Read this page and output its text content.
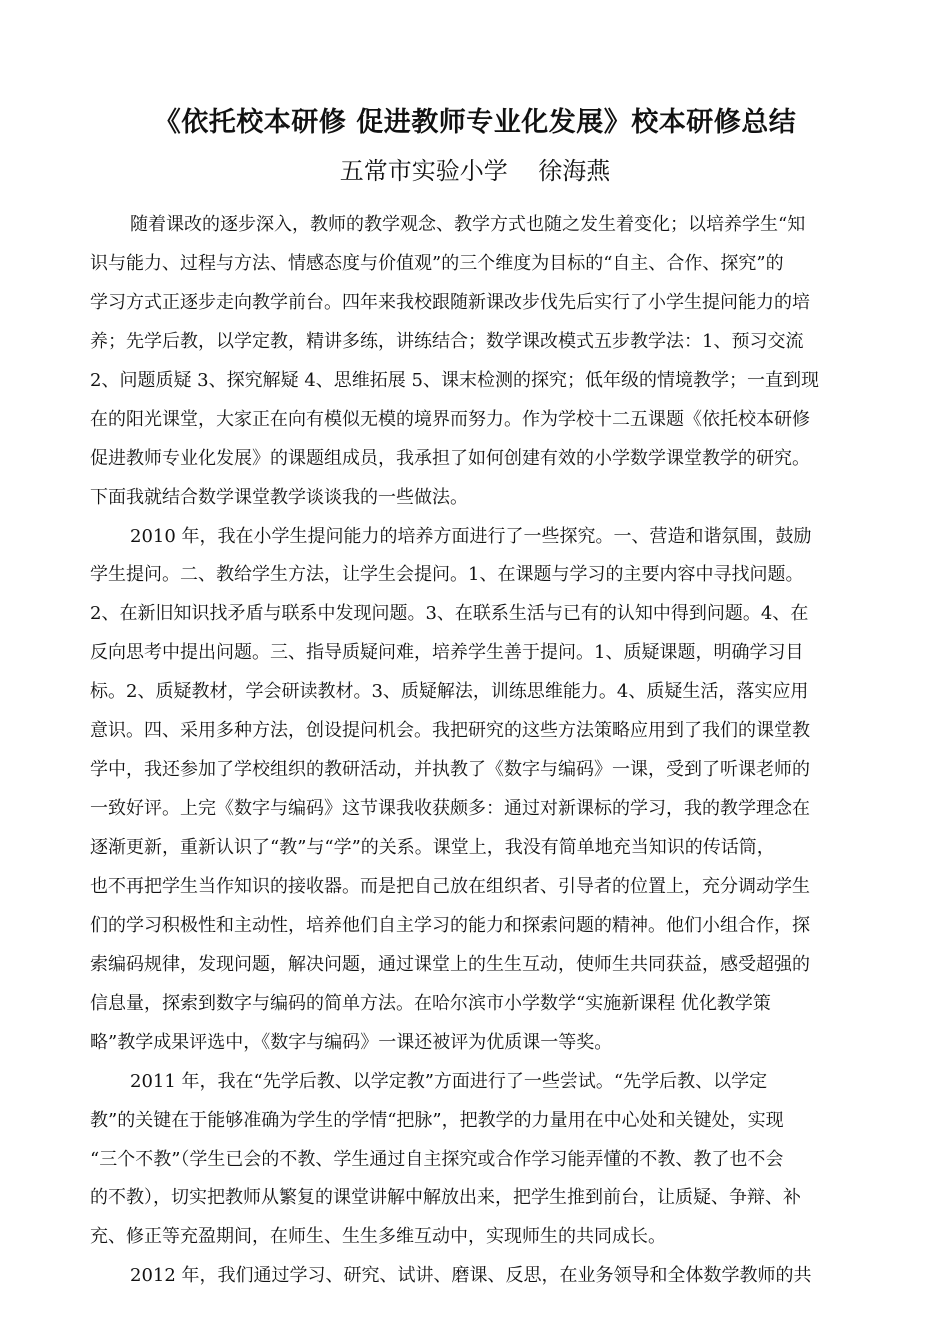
《依托校本研修 促进教师专业化发展》校本研修总结
五常市实验小学    徐海燕
随着课改的逐步深入，教师的教学观念、教学方式也随之发生着变化；以培养学生“知
识与能力、过程与方法、情感态度与价值观”的三个维度为目标的“自主、合作、探究”的
学习方式正逐步走向教学前台。四年来我校跟随新课改步伐先后实行了小学生提问能力的培
养；先学后教，以学定教，精讲多练，讲练结合；数学课改模式五步教学法：1、预习交流
2、问题质疑 3、探究解疑 4、思维拓展 5、课末检测的探究；低年级的情境教学；一直到现
在的阳光课堂，大家正在向有模似无模的境界而努力。作为学校十二五课题《依托校本研修
促进教师专业化发展》的课题组成员，我承担了如何创建有效的小学数学课堂教学的研究。
下面我就结合数学课堂教学谈谈我的一些做法。
2010 年，我在小学生提问能力的培养方面进行了一些探究。一、营造和谐氛围，鼓励
学生提问。二、教给学生方法，让学生会提问。1、在课题与学习的主要内容中寻找问题。
2、在新旧知识找矛盾与联系中发现问题。3、在联系生活与已有的认知中得到问题。4、在
反向思考中提出问题。三、指导质疑问难，培养学生善于提问。1、质疑课题，明确学习目
标。2、质疑教材，学会研读教材。3、质疑解法，训练思维能力。4、质疑生活，落实应用
意识。四、采用多种方法，创设提问机会。我把研究的这些方法策略应用到了我们的课堂教
学中，我还参加了学校组织的教研活动，并执教了《数字与编码》一课，受到了听课老师的
一致好评。上完《数字与编码》这节课我收获颇多：通过对新课标的学习，我的教学理念在
逐渐更新，重新认识了“教”与“学”的关系。课堂上，我没有简单地充当知识的传话筒，
也不再把学生当作知识的接收器。而是把自己放在组织者、引导者的位置上，充分调动学生
们的学习积极性和主动性，培养他们自主学习的能力和探索问题的精神。他们小组合作，探
索编码规律，发现问题，解决问题，通过课堂上的生生互动，使师生共同获益，感受超强的
信息量，探索到数字与编码的简单方法。在哈尔滨市小学数学“实施新课程 优化教学策
略”教学成果评选中，《数字与编码》一课还被评为优质课一等奖。
2011 年，我在“先学后教、以学定教”方面进行了一些尝试。“先学后教、以学定
教”的关键在于能够准确为学生的学情“把脉”，把教学的力量用在中心处和关键处，实现
“三个不教”（学生已会的不教、学生通过自主探究或合作学习能弄懂的不教、教了也不会
的不教），切实把教师从繁复的课堂讲解中解放出来，把学生推到前台，让质疑、争辩、补
充、修正等充盈期间，在师生、生生多维互动中，实现师生的共同成长。
2012 年，我们通过学习、研究、试讲、磨课、反思，在业务领导和全体数学教师的共
